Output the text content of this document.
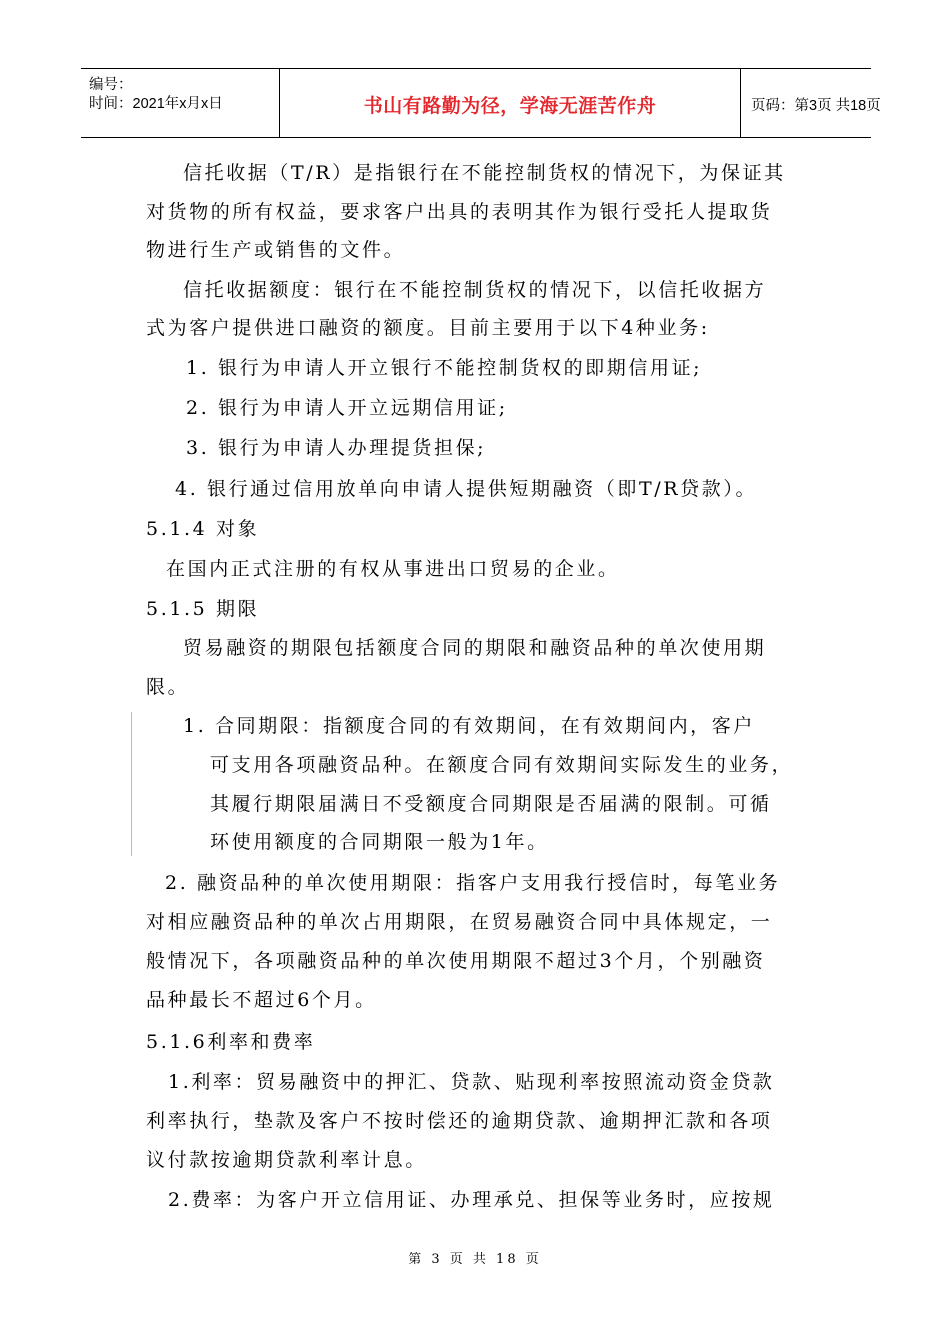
编号：
时间：2021年x月x日	书山有路勤为径，学海无涯苦作舟	页码：第3页 共18页
信托收据（T/R）是指银行在不能控制货权的情况下，为保证其
对货物的所有权益，要求客户出具的表明其作为银行受托人提取货
物进行生产或销售的文件。
信托收据额度：银行在不能控制货权的情况下，以信托收据方
式为客户提供进口融资的额度。目前主要用于以下4种业务:
1. 银行为申请人开立银行不能控制货权的即期信用证;
2. 银行为申请人开立远期信用证;
3. 银行为申请人办理提货担保;
4. 银行通过信用放单向申请人提供短期融资（即T/R贷款）。
5.1.4 对象
在国内正式注册的有权从事进出口贸易的企业。
5.1.5 期限
贸易融资的期限包括额度合同的期限和融资品种的单次使用期
限。
1. 合同期限：指额度合同的有效期间，在有效期间内，客户
可支用各项融资品种。在额度合同有效期间实际发生的业务，
其履行期限届满日不受额度合同期限是否届满的限制。可循
环使用额度的合同期限一般为1年。
2. 融资品种的单次使用期限：指客户支用我行授信时，每笔业务
对相应融资品种的单次占用期限，在贸易融资合同中具体规定，一
般情况下，各项融资品种的单次使用期限不超过3个月，个别融资
品种最长不超过6个月。
5.1.6利率和费率
1.利率：贸易融资中的押汇、贷款、贴现利率按照流动资金贷款
利率执行，垫款及客户不按时偿还的逾期贷款、逾期押汇款和各项
议付款按逾期贷款利率计息。
2.费率：为客户开立信用证、办理承兑、担保等业务时，应按规
第 3 页 共 18 页
